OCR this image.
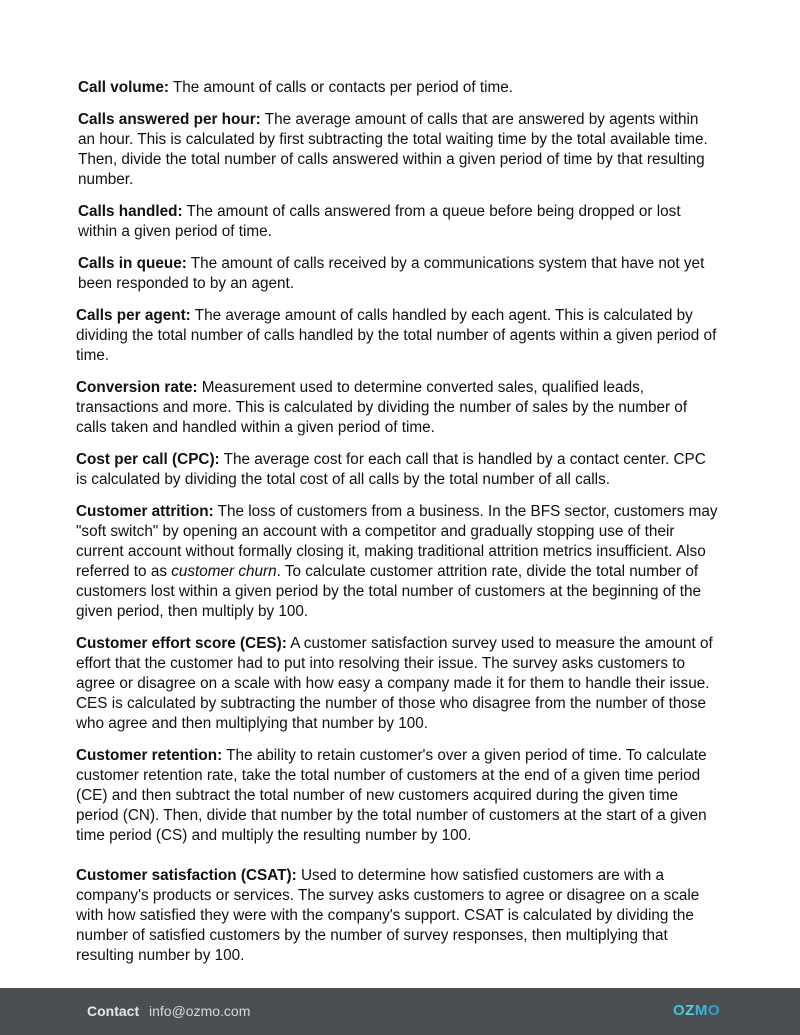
Call volume: The amount of calls or contacts per period of time.

Calls answered per hour: The average amount of calls that are answered by agents within an hour. This is calculated by first subtracting the total waiting time by the total available time. Then, divide the total number of calls answered within a given period of time by that resulting number.

Calls handled: The amount of calls answered from a queue before being dropped or lost within a given period of time.

Calls in queue: The amount of calls received by a communications system that have not yet been responded to by an agent.

Calls per agent: The average amount of calls handled by each agent. This is calculated by dividing the total number of calls handled by the total number of agents within a given period of time.

Conversion rate: Measurement used to determine converted sales, qualified leads, transactions and more. This is calculated by dividing the number of sales by the number of calls taken and handled within a given period of time.

Cost per call (CPC): The average cost for each call that is handled by a contact center. CPC is calculated by dividing the total cost of all calls by the total number of all calls.

Customer attrition: The loss of customers from a business. In the BFS sector, customers may "soft switch" by opening an account with a competitor and gradually stopping use of their current account without formally closing it, making traditional attrition metrics insufficient. Also referred to as customer churn. To calculate customer attrition rate, divide the total number of customers lost within a given period by the total number of customers at the beginning of the given period, then multiply by 100.

Customer effort score (CES): A customer satisfaction survey used to measure the amount of effort that the customer had to put into resolving their issue. The survey asks customers to agree or disagree on a scale with how easy a company made it for them to handle their issue. CES is calculated by subtracting the number of those who disagree from the number of those who agree and then multiplying that number by 100.

Customer retention: The ability to retain customer's over a given period of time. To calculate customer retention rate, take the total number of customers at the end of a given time period (CE) and then subtract the total number of new customers acquired during the given time period (CN). Then, divide that number by the total number of customers at the start of a given time period (CS) and multiply the resulting number by 100.

Customer satisfaction (CSAT): Used to determine how satisfied customers are with a company's products or services. The survey asks customers to agree or disagree on a scale with how satisfied they were with the company's support. CSAT is calculated by dividing the number of satisfied customers by the number of survey responses, then multiplying that resulting number by 100.

Contact info@ozmo.com	OZMO
